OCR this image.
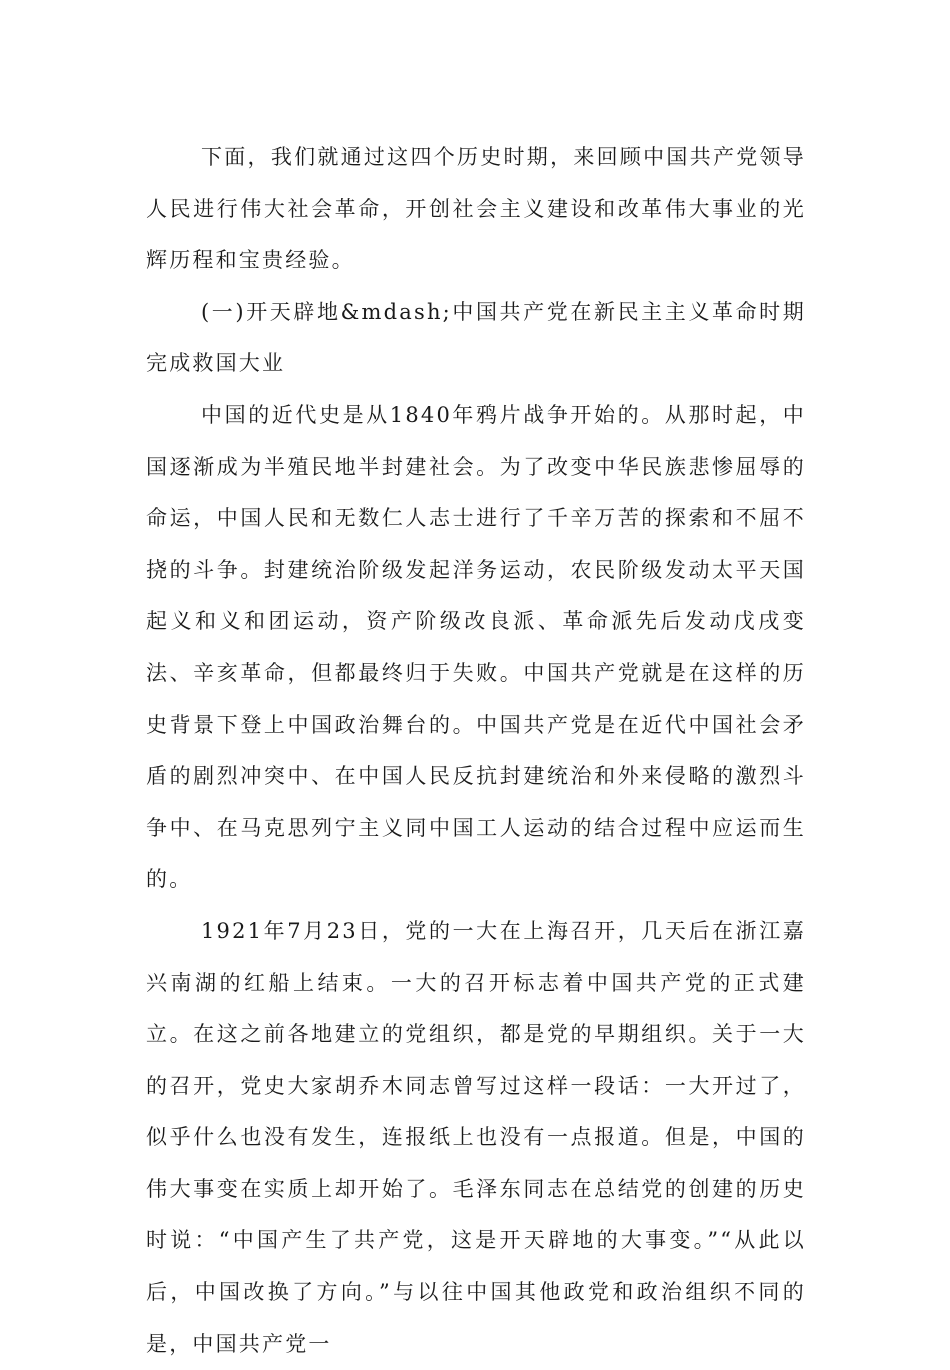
下面，我们就通过这四个历史时期，来回顾中国共产党领导人民进行伟大社会革命，开创社会主义建设和改革伟大事业的光辉历程和宝贵经验。

(一)开天辟地&mdash;中国共产党在新民主主义革命时期完成救国大业

中国的近代史是从1840年鸦片战争开始的。从那时起，中国逐渐成为半殖民地半封建社会。为了改变中华民族悲惨屈辱的命运，中国人民和无数仁人志士进行了千辛万苦的探索和不屈不挠的斗争。封建统治阶级发起洋务运动，农民阶级发动太平天国起义和义和团运动，资产阶级改良派、革命派先后发动戊戌变法、辛亥革命，但都最终归于失败。中国共产党就是在这样的历史背景下登上中国政治舞台的。中国共产党是在近代中国社会矛盾的剧烈冲突中、在中国人民反抗封建统治和外来侵略的激烈斗争中、在马克思列宁主义同中国工人运动的结合过程中应运而生的。

1921年7月23日，党的一大在上海召开，几天后在浙江嘉兴南湖的红船上结束。一大的召开标志着中国共产党的正式建立。在这之前各地建立的党组织，都是党的早期组织。关于一大的召开，党史大家胡乔木同志曾写过这样一段话：一大开过了，似乎什么也没有发生，连报纸上也没有一点报道。但是，中国的伟大事变在实质上却开始了。毛泽东同志在总结党的创建的历史时说：“中国产生了共产党，这是开天辟地的大事变。”“从此以后，中国改换了方向。”与以往中国其他政党和政治组织不同的是，中国共产党一
